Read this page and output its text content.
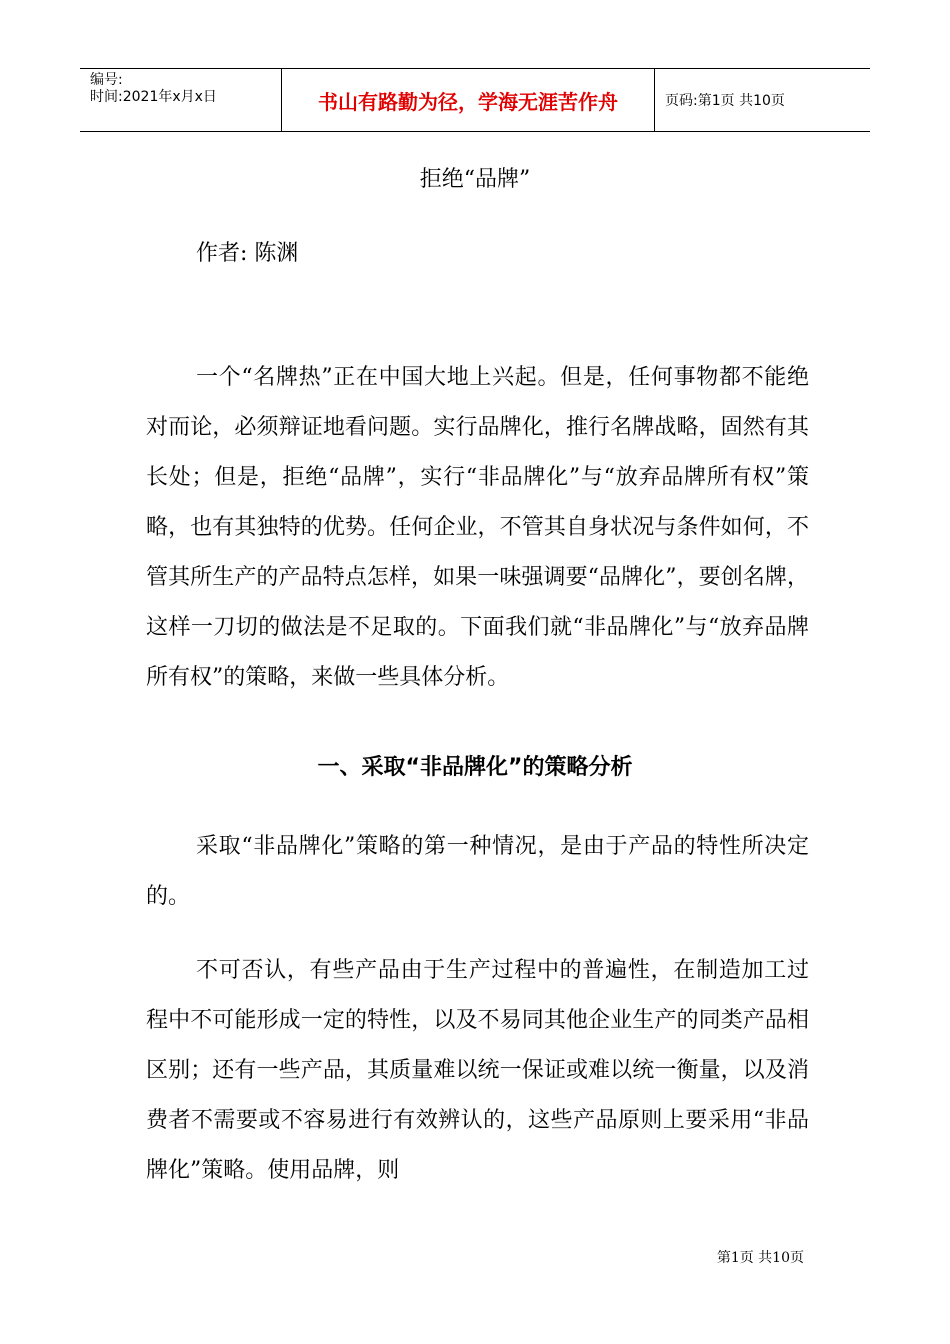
编号:
时间:2021年x月x日	书山有路勤为径，学海无涯苦作舟	页码:第1页 共10页
拒绝“品牌”
作者: 陈渊

一个“名牌热”正在中国大地上兴起。但是，任何事物都不能绝对而论，必须辩证地看问题。实行品牌化，推行名牌战略，固然有其长处；但是，拒绝“品牌”，实行“非品牌化”与“放弃品牌所有权”策略，也有其独特的优势。任何企业，不管其自身状况与条件如何，不管其所生产的产品特点怎样，如果一味强调要“品牌化”，要创名牌，这样一刀切的做法是不足取的。下面我们就“非品牌化”与“放弃品牌所有权”的策略，来做一些具体分析。

一、采取“非品牌化”的策略分析

采取“非品牌化”策略的第一种情况，是由于产品的特性所决定的。

不可否认，有些产品由于生产过程中的普遍性，在制造加工过程中不可能形成一定的特性，以及不易同其他企业生产的同类产品相区别；还有一些产品，其质量难以统一保证或难以统一衡量，以及消费者不需要或不容易进行有效辨认的，这些产品原则上要采用“非品牌化”策略。使用品牌，则

第1页 共10页
